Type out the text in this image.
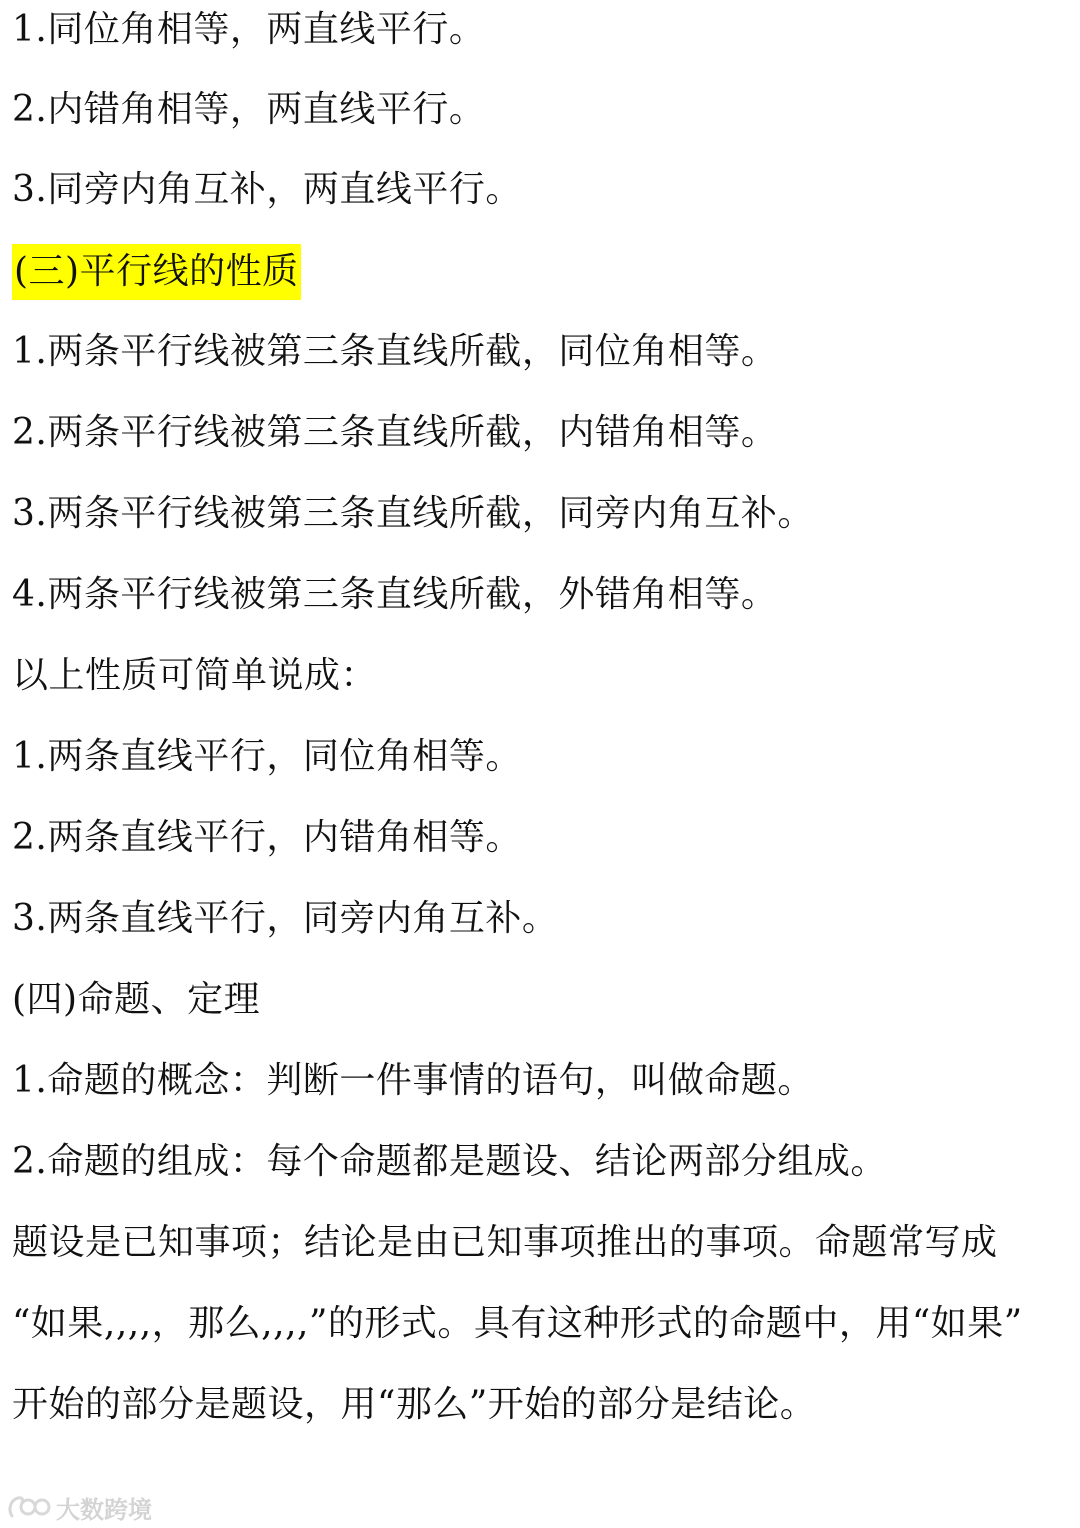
1.同位角相等，两直线平行。
2.内错角相等，两直线平行。
3.同旁内角互补，两直线平行。
(三)平行线的性质
1.两条平行线被第三条直线所截，同位角相等。
2.两条平行线被第三条直线所截，内错角相等。
3.两条平行线被第三条直线所截，同旁内角互补。
4.两条平行线被第三条直线所截，外错角相等。
以上性质可简单说成：
1.两条直线平行，同位角相等。
2.两条直线平行，内错角相等。
3.两条直线平行，同旁内角互补。
(四)命题、定理
1.命题的概念：判断一件事情的语句，叫做命题。
2.命题的组成：每个命题都是题设、结论两部分组成。
题设是已知事项；结论是由已知事项推出的事项。命题常写成
“如果,,,,，那么,,,,”的形式。具有这种形式的命题中，用“如果”
开始的部分是题设，用“那么”开始的部分是结论。
大数跨境
